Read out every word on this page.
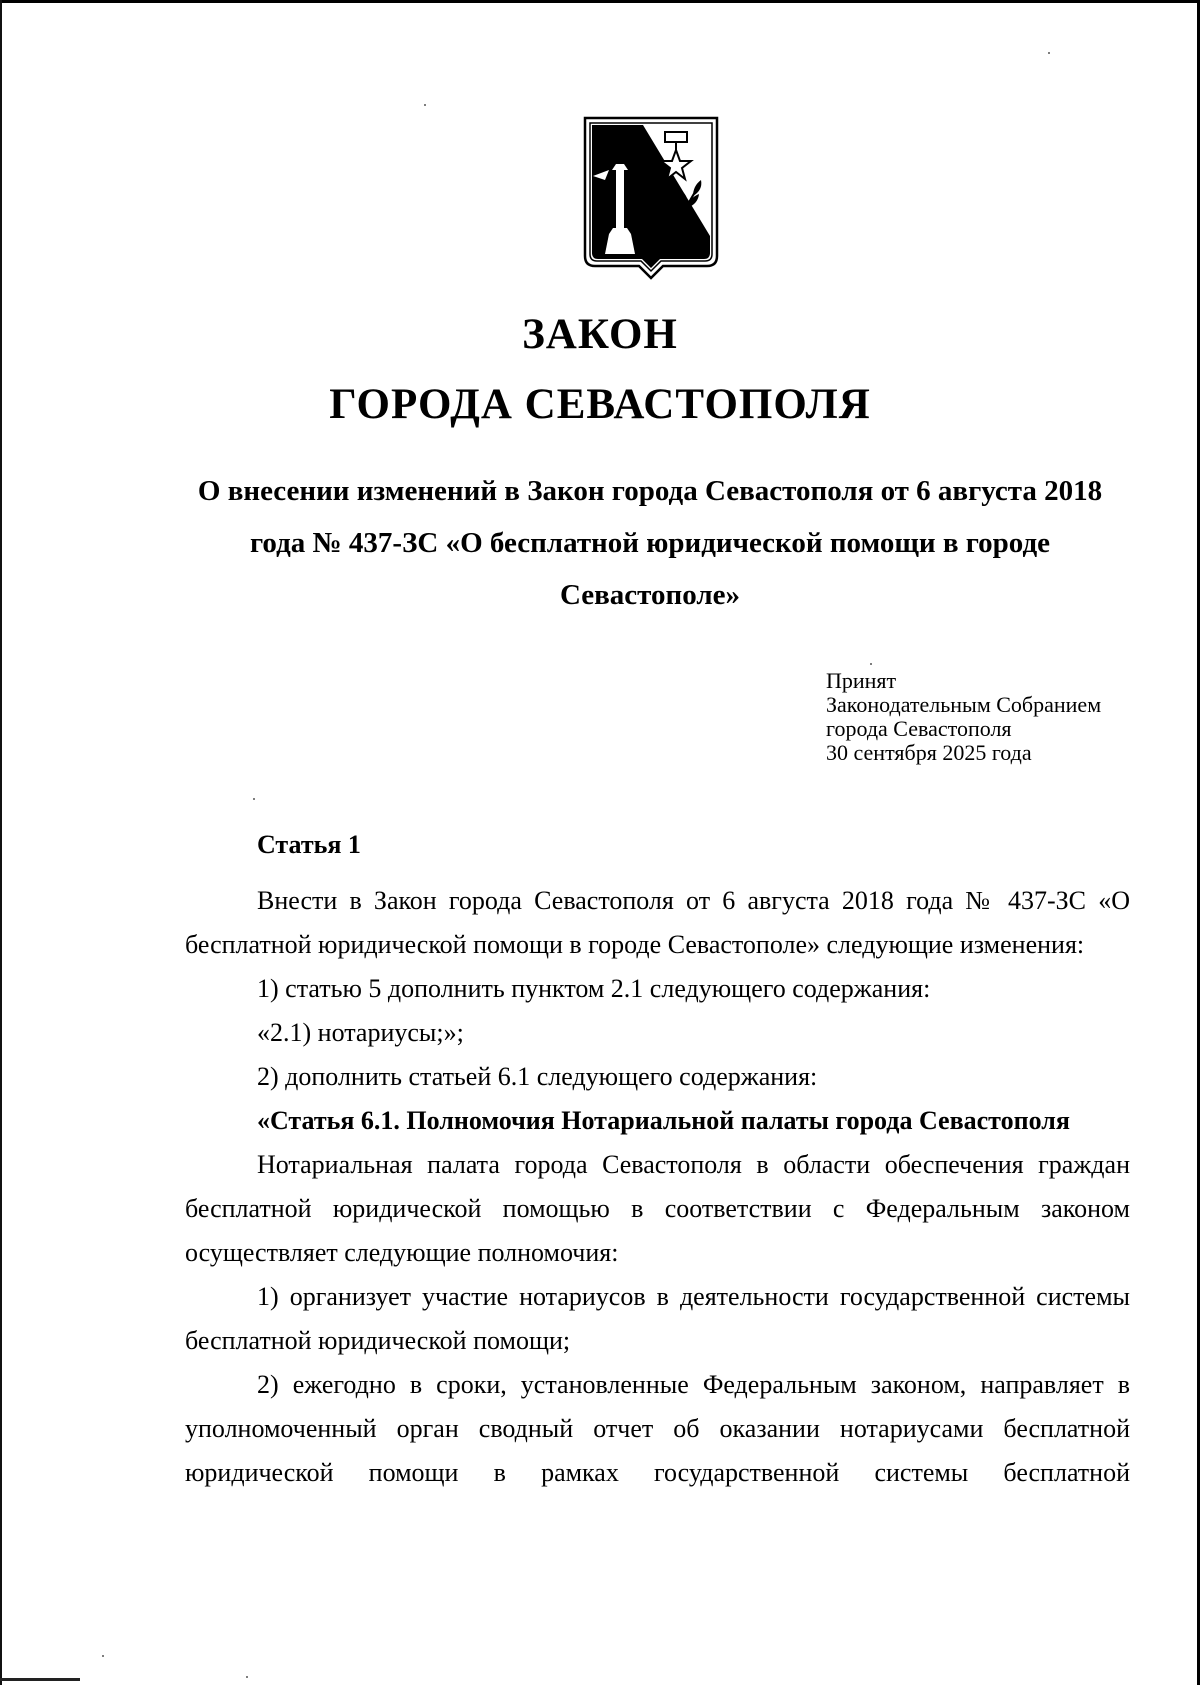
ЗАКОН
ГОРОДА СЕВАСТОПОЛЯ
О внесении изменений в Закон города Севастополя от 6 августа 2018 года № 437-ЗС «О бесплатной юридической помощи в городе Севастополе»
Принят
Законодательным Собранием
города Севастополя
30 сентября 2025 года
Статья 1

Внести в Закон города Севастополя от 6 августа 2018 года № 437-ЗС «О бесплатной юридической помощи в городе Севастополе» следующие изменения:

1) статью 5 дополнить пунктом 2.1 следующего содержания:

«2.1) нотариусы;»;

2) дополнить статьей 6.1 следующего содержания:

«Статья 6.1. Полномочия Нотариальной палаты города Севастополя

Нотариальная палата города Севастополя в области обеспечения граждан бесплатной юридической помощью в соответствии с Федеральным законом осуществляет следующие полномочия:

1) организует участие нотариусов в деятельности государственной системы бесплатной юридической помощи;

2) ежегодно в сроки, установленные Федеральным законом, направляет в уполномоченный орган сводный отчет об оказании нотариусами бесплатной юридической помощи в рамках государственной системы бесплатной
